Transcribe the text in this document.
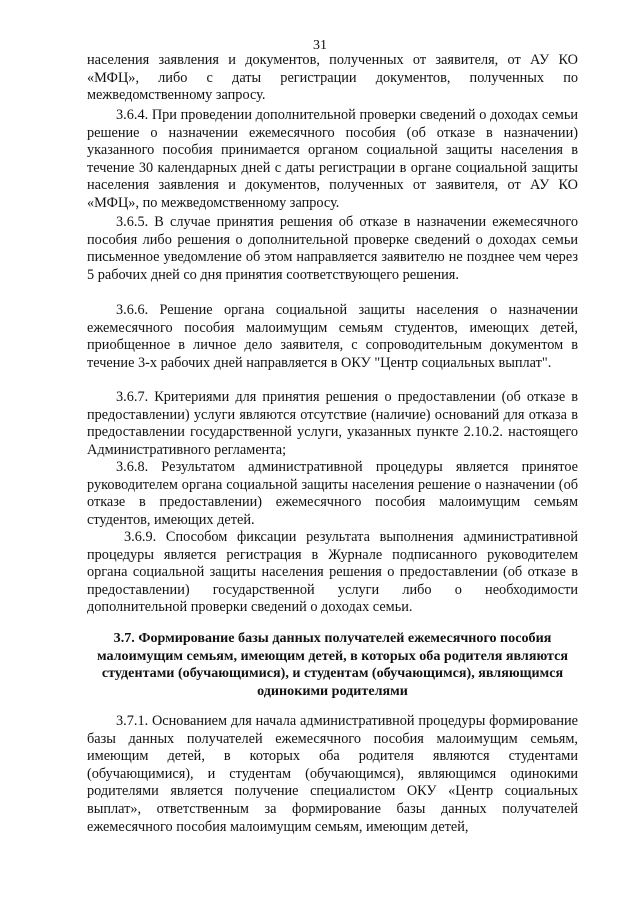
31

населения заявления и документов, полученных от заявителя, от АУ КО «МФЦ», либо с даты регистрации документов, полученных по межведомственному запросу.

3.6.4. При проведении дополнительной проверки сведений о доходах семьи решение о назначении ежемесячного пособия (об отказе в назначении) указанного пособия принимается органом социальной защиты населения в течение 30 календарных дней с даты регистрации в органе социальной защиты населения заявления и документов, полученных от заявителя, от АУ КО «МФЦ», по межведомственному запросу.

3.6.5. В случае принятия решения об отказе в назначении ежемесячного пособия либо решения о дополнительной проверке сведений о доходах семьи письменное уведомление об этом направляется заявителю не позднее чем через 5 рабочих дней со дня принятия соответствующего решения.

3.6.6. Решение органа социальной защиты населения о назначении ежемесячного пособия малоимущим семьям студентов, имеющих детей, приобщенное в личное дело заявителя, с сопроводительным документом в течение 3-х рабочих дней направляется в ОКУ "Центр социальных выплат".

3.6.7. Критериями для принятия решения о предоставлении (об отказе в предоставлении) услуги являются отсутствие (наличие) оснований для отказа в предоставлении государственной услуги, указанных пункте 2.10.2. настоящего Административного регламента;

3.6.8. Результатом административной процедуры является принятое руководителем органа социальной защиты населения решение о назначении (об отказе в предоставлении) ежемесячного пособия малоимущим семьям студентов, имеющих детей.

3.6.9. Способом фиксации результата выполнения административной процедуры является регистрация в Журнале подписанного руководителем органа социальной защиты населения решения о предоставлении (об отказе в предоставлении) государственной услуги либо о необходимости дополнительной проверки сведений о доходах семьи.

3.7. Формирование базы данных получателей ежемесячного пособия малоимущим семьям, имеющим детей, в которых оба родителя являются студентами (обучающимися), и студентам (обучающимся), являющимся одинокими родителями

3.7.1. Основанием для начала административной процедуры формирование базы данных получателей ежемесячного пособия малоимущим семьям, имеющим детей, в которых оба родителя являются студентами (обучающимися), и студентам (обучающимся), являющимся одинокими родителями является получение специалистом ОКУ «Центр социальных выплат», ответственным за формирование базы данных получателей ежемесячного пособия малоимущим семьям, имеющим детей,
